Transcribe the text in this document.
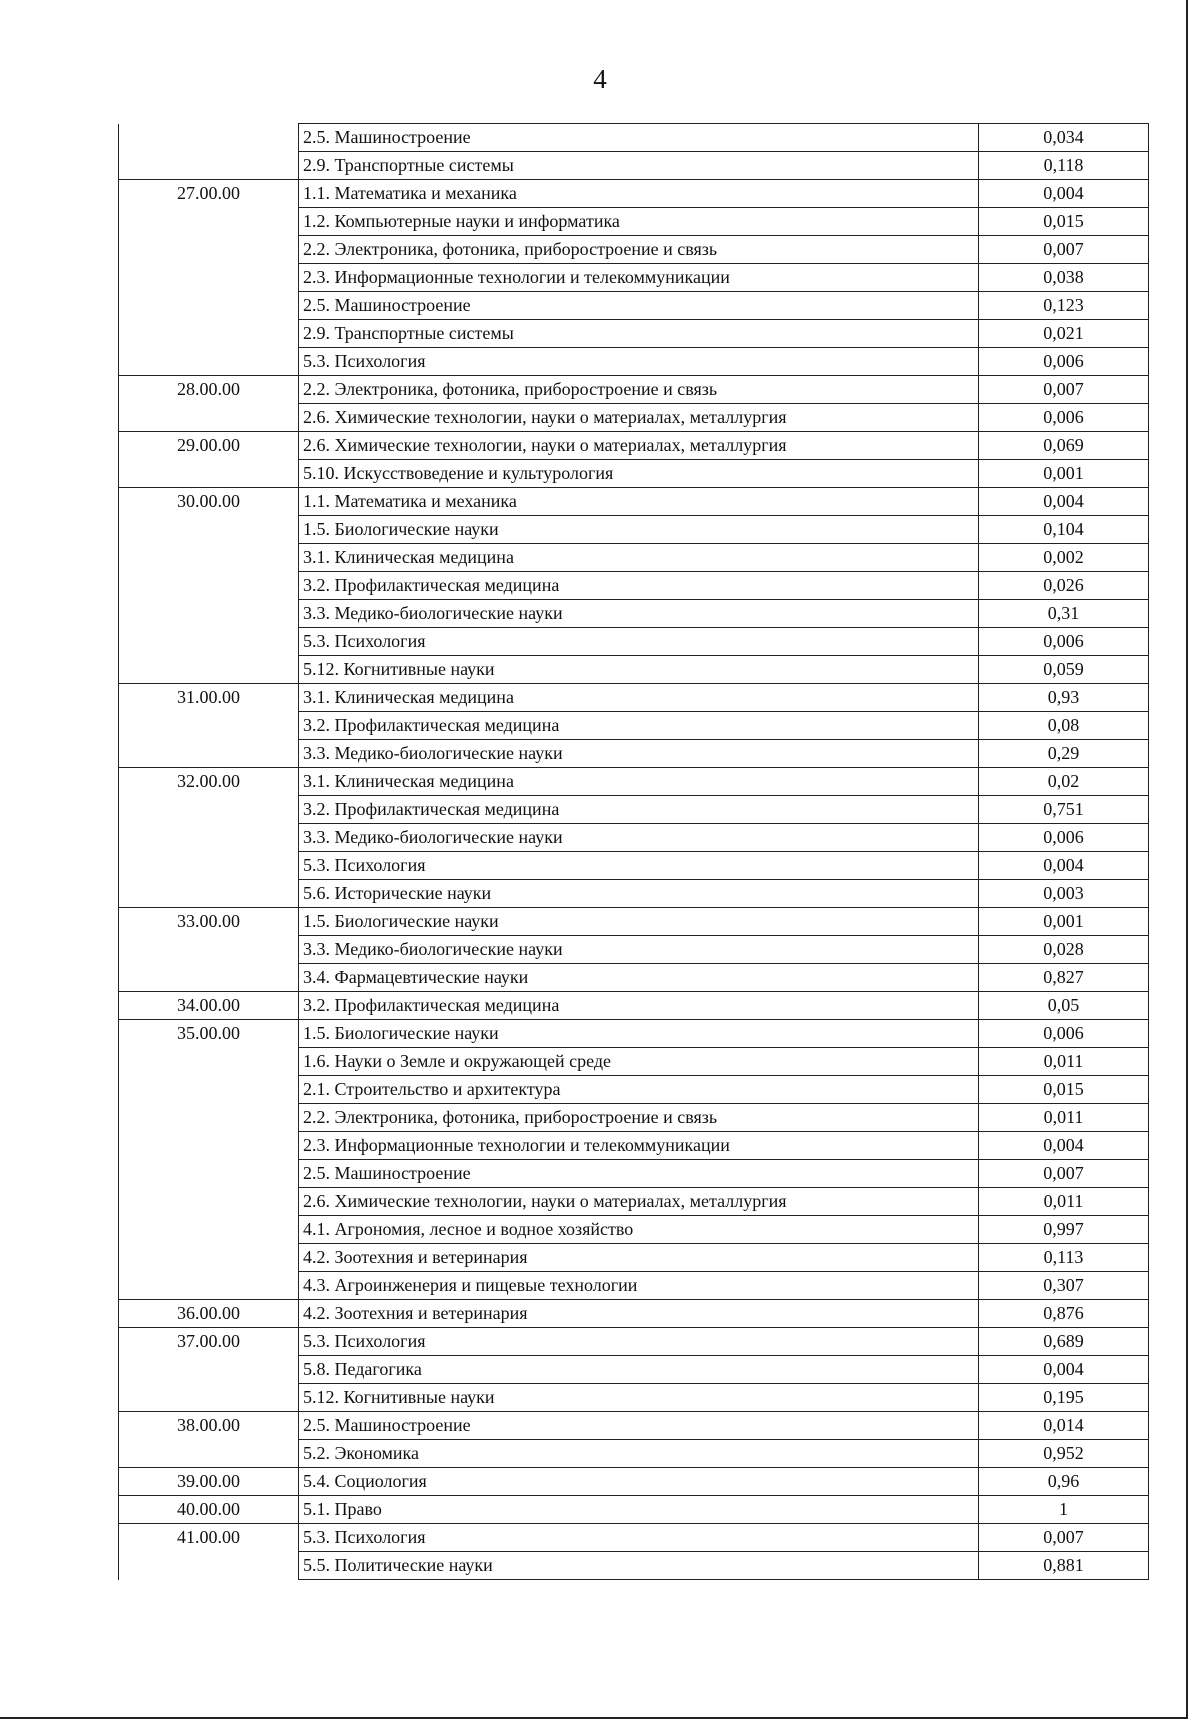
4
	2.5. Машиностроение	0,034
	2.9. Транспортные системы	0,118
27.00.00	1.1. Математика и механика	0,004
	1.2. Компьютерные науки и информатика	0,015
	2.2. Электроника, фотоника, приборостроение и связь	0,007
	2.3. Информационные технологии и телекоммуникации	0,038
	2.5. Машиностроение	0,123
	2.9. Транспортные системы	0,021
	5.3. Психология	0,006
28.00.00	2.2. Электроника, фотоника, приборостроение и связь	0,007
	2.6. Химические технологии, науки о материалах, металлургия	0,006
29.00.00	2.6. Химические технологии, науки о материалах, металлургия	0,069
	5.10. Искусствоведение и культурология	0,001
30.00.00	1.1. Математика и механика	0,004
	1.5. Биологические науки	0,104
	3.1. Клиническая медицина	0,002
	3.2. Профилактическая медицина	0,026
	3.3. Медико-биологические науки	0,31
	5.3. Психология	0,006
	5.12. Когнитивные науки	0,059
31.00.00	3.1. Клиническая медицина	0,93
	3.2. Профилактическая медицина	0,08
	3.3. Медико-биологические науки	0,29
32.00.00	3.1. Клиническая медицина	0,02
	3.2. Профилактическая медицина	0,751
	3.3. Медико-биологические науки	0,006
	5.3. Психология	0,004
	5.6. Исторические науки	0,003
33.00.00	1.5. Биологические науки	0,001
	3.3. Медико-биологические науки	0,028
	3.4. Фармацевтические науки	0,827
34.00.00	3.2. Профилактическая медицина	0,05
35.00.00	1.5. Биологические науки	0,006
	1.6. Науки о Земле и окружающей среде	0,011
	2.1. Строительство и архитектура	0,015
	2.2. Электроника, фотоника, приборостроение и связь	0,011
	2.3. Информационные технологии и телекоммуникации	0,004
	2.5. Машиностроение	0,007
	2.6. Химические технологии, науки о материалах, металлургия	0,011
	4.1. Агрономия, лесное и водное хозяйство	0,997
	4.2. Зоотехния и ветеринария	0,113
	4.3. Агроинженерия и пищевые технологии	0,307
36.00.00	4.2. Зоотехния и ветеринария	0,876
37.00.00	5.3. Психология	0,689
	5.8. Педагогика	0,004
	5.12. Когнитивные науки	0,195
38.00.00	2.5. Машиностроение	0,014
	5.2. Экономика	0,952
39.00.00	5.4. Социология	0,96
40.00.00	5.1. Право	1
41.00.00	5.3. Психология	0,007
	5.5. Политические науки	0,881
